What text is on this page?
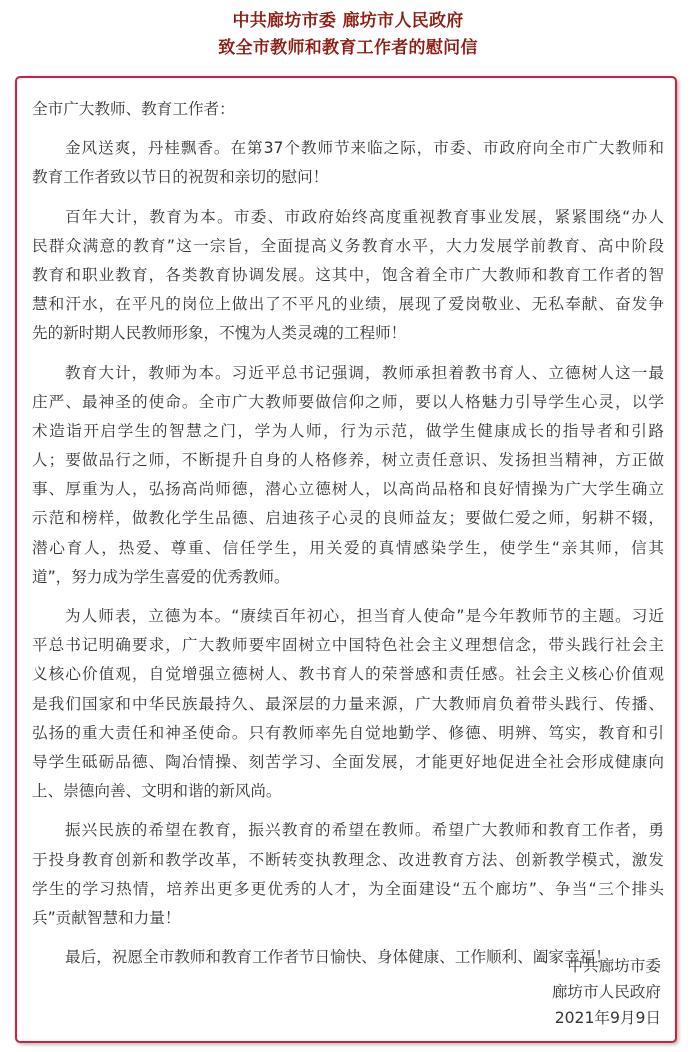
中共廊坊市委 廊坊市人民政府
致全市教师和教育工作者的慰问信
全市广大教师、教育工作者：
金风送爽，丹桂飘香。在第37个教师节来临之际，市委、市政府向全市广大教师和
教育工作者致以节日的祝贺和亲切的慰问！
百年大计，教育为本。市委、市政府始终高度重视教育事业发展，紧紧围绕“办人
民群众满意的教育”这一宗旨，全面提高义务教育水平，大力发展学前教育、高中阶段
教育和职业教育，各类教育协调发展。这其中，饱含着全市广大教师和教育工作者的智
慧和汗水，在平凡的岗位上做出了不平凡的业绩，展现了爱岗敬业、无私奉献、奋发争
先的新时期人民教师形象，不愧为人类灵魂的工程师！
教育大计，教师为本。习近平总书记强调，教师承担着教书育人、立德树人这一最
庄严、最神圣的使命。全市广大教师要做信仰之师，要以人格魅力引导学生心灵，以学
术造诣开启学生的智慧之门，学为人师，行为示范，做学生健康成长的指导者和引路
人；要做品行之师，不断提升自身的人格修养，树立责任意识、发扬担当精神，方正做
事、厚重为人，弘扬高尚师德，潜心立德树人，以高尚品格和良好情操为广大学生确立
示范和榜样，做教化学生品德、启迪孩子心灵的良师益友；要做仁爱之师，躬耕不辍，
潜心育人，热爱、尊重、信任学生，用关爱的真情感染学生，使学生“亲其师，信其
道”，努力成为学生喜爱的优秀教师。
为人师表，立德为本。“赓续百年初心，担当育人使命”是今年教师节的主题。习近
平总书记明确要求，广大教师要牢固树立中国特色社会主义理想信念，带头践行社会主
义核心价值观，自觉增强立德树人、教书育人的荣誉感和责任感。社会主义核心价值观
是我们国家和中华民族最持久、最深层的力量来源，广大教师肩负着带头践行、传播、
弘扬的重大责任和神圣使命。只有教师率先自觉地勤学、修德、明辨、笃实，教育和引
导学生砥砺品德、陶冶情操、刻苦学习、全面发展，才能更好地促进全社会形成健康向
上、崇德向善、文明和谐的新风尚。
振兴民族的希望在教育，振兴教育的希望在教师。希望广大教师和教育工作者，勇
于投身教育创新和教学改革，不断转变执教理念、改进教育方法、创新教学模式，激发
学生的学习热情，培养出更多更优秀的人才，为全面建设“五个廊坊”、争当“三个排头
兵”贡献智慧和力量！
最后，祝愿全市教师和教育工作者节日愉快、身体健康、工作顺利、阖家幸福！
中共廊坊市委
廊坊市人民政府
2021年9月9日
